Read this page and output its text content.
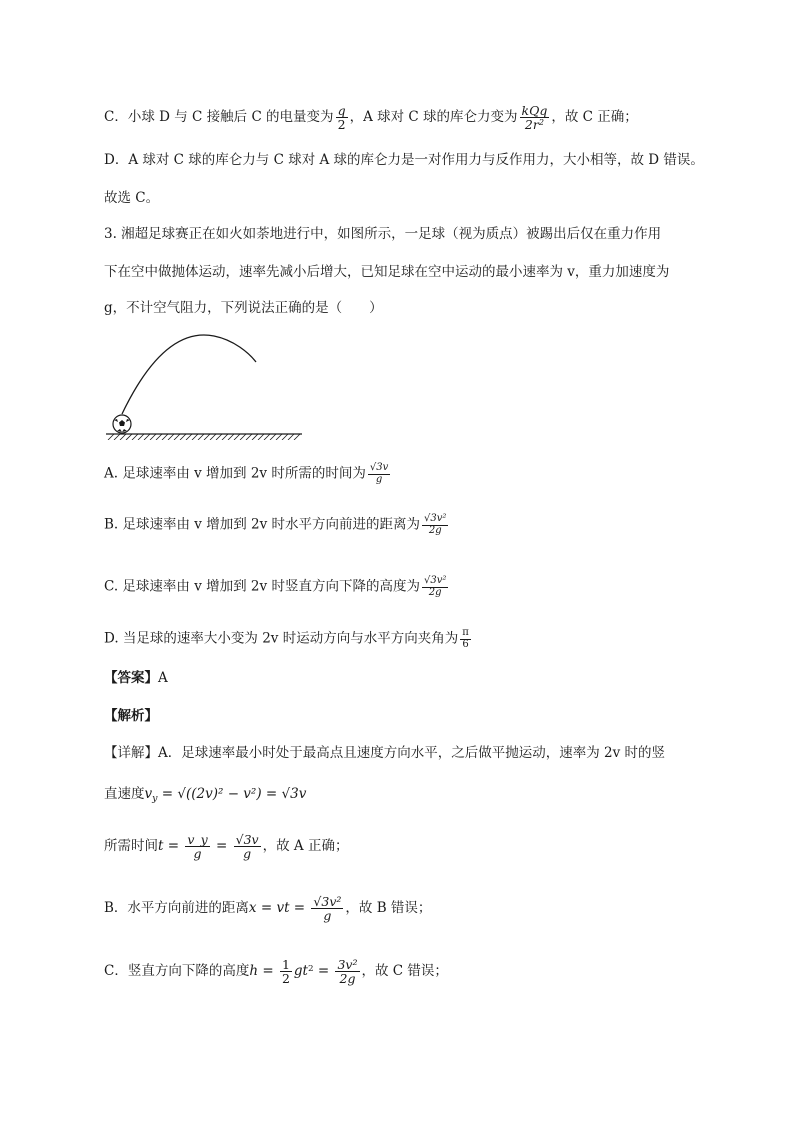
C．小球 D 与 C 接触后 C 的电量变为 $\frac{q}{2}$ ，A 球对 C 球的库仑力变为 $\frac{\text{kQq}}{2r^2}$ ，故 C 正确；
D．A 球对 C 球的库仑力与 C 球对 A 球的库仑力是一对作用力与反作用力，大小相等，故 D 错误。
故选 C。
3. 湘超足球赛正在如火如荼地进行中，如图所示，一足球（视为质点）被踢出后仅在重力作用
下在空中做抛体运动，速率先减小后增大，已知足球在空中运动的最小速率为 v，重力加速度为
g，不计空气阻力，下列说法正确的是（　　）
A. 足球速率由 v 增加到 2v 时所需的时间为 $\frac{√3v}{g}$
B. 足球速率由 v 增加到 2v 时水平方向前进的距离为 $\frac{\text{√3v²}}{2g}$
C. 足球速率由 v 增加到 2v 时竖直方向下降的高度为 $\frac{\text{√3v²}}{2g}$
D. 当足球的速率大小变为 2v 时运动方向与水平方向夹角为 $\frac{\pi}{6}$
【答案】A
【解析】
【详解】A．足球速率最小时处于最高点且速度方向水平，之后做平抛运动，速率为 2v 时的竖
直速度$v_y = √((2v)^2 - v^2) = √3v$
所需时间$t = \frac{v\_y}{g} = \frac{√3v}{g}$ ，故 A 正确；
B．水平方向前进的距离x = vt = $\frac{\text{√3v²}}{g}$ ，故 B 错误；
C．竖直方向下降的高度$h = \frac{1}{2} gt^2 = \frac{\text{3v²}}{2g}$ ，故 C 错误；
